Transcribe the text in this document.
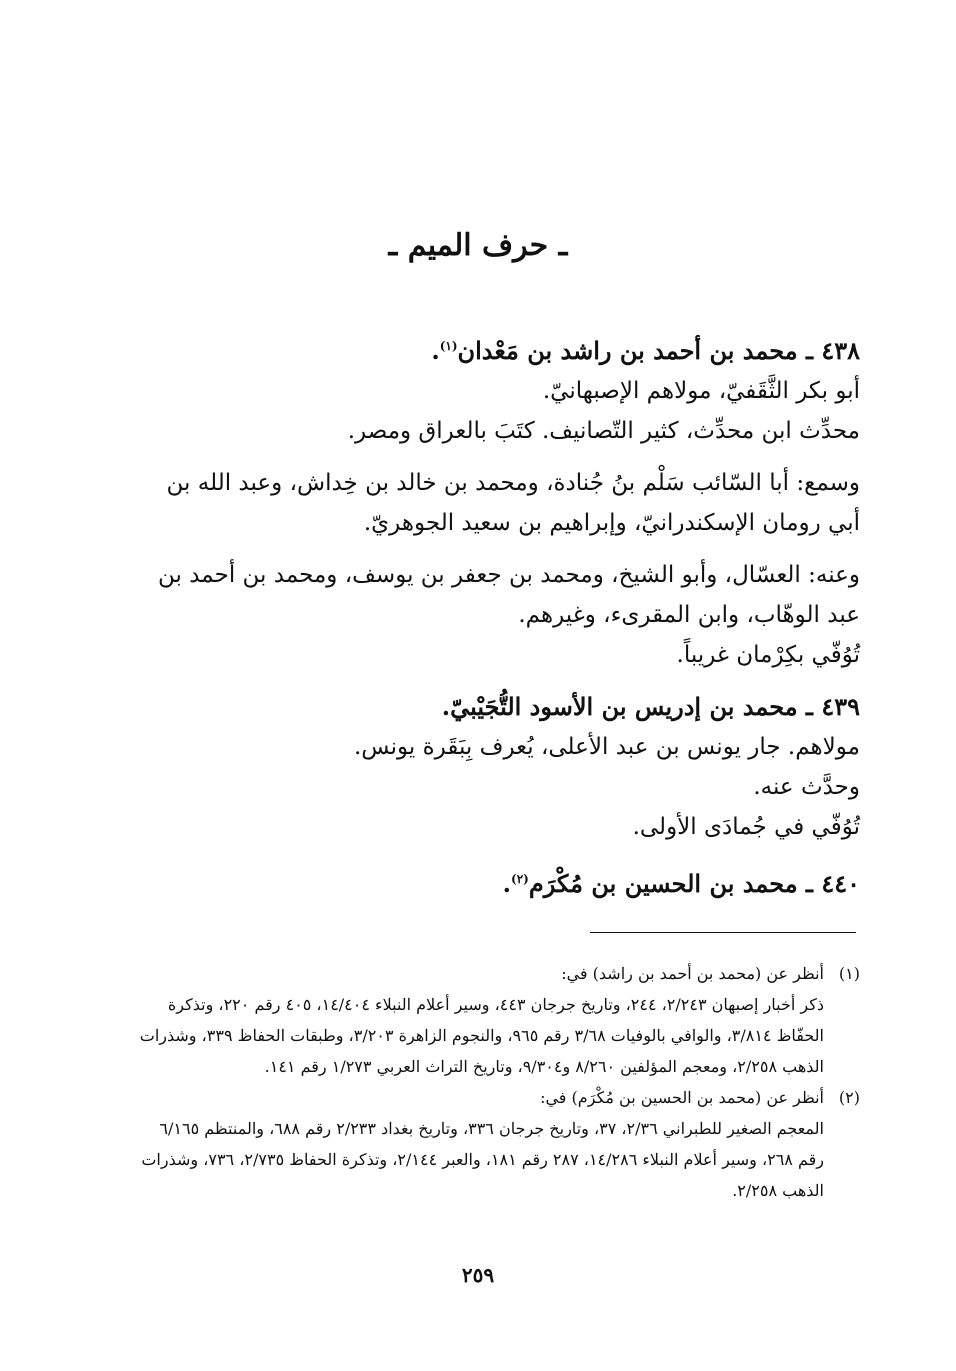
ـ حرف الميم ـ
٤٣٨ ـ محمد بن أحمد بن راشد بن مَعْدان$^{(١)}$.
أبو بكر الثَّقَفيّ، مولاهم الإصبهانيّ.
محدِّث ابن محدِّث، كثير التّصانيف. كتَبَ بالعراق ومصر.
وسمع: أبا السّائب سَلْم بنُ جُنادة، ومحمد بن خالد بن خِداش، وعبد الله بن أبي رومان الإسكندرانيّ، وإبراهيم بن سعيد الجوهريّ.
وعنه: العسّال، وأبو الشيخ، ومحمد بن جعفر بن يوسف، ومحمد بن أحمد بن عبد الوهّاب، وابن المقرىء، وغيرهم.
تُوُفّي بكِرْمان غريباً.
٤٣٩ ـ محمد بن إدريس بن الأسود التُّجَيْبيّ.
مولاهم. جار يونس بن عبد الأعلى، يُعرف بِبَقَرة يونس.
وحدَّث عنه.
تُوُفّي في جُمادَى الأولى.
٤٤٠ ـ محمد بن الحسين بن مُكْرَم$^{(٢)}$.
(١)
أنظر عن (محمد بن أحمد بن راشد) في:
ذكر أخبار إصبهان ٢/٢٤٣، ٢٤٤، وتاريخ جرجان ٤٤٣، وسير أعلام النبلاء ١٤/٤٠٤، ٤٠٥ رقم ٢٢٠، وتذكرة الحفّاظ ٣/٨١٤، والوافي بالوفيات ٣/٦٨ رقم ٩٦٥، والنجوم الزاهرة ٣/٢٠٣، وطبقات الحفاظ ٣٣٩، وشذرات الذهب ٢/٢٥٨، ومعجم المؤلفين ٨/٢٦٠ و٩/٣٠٤، وتاريخ التراث العربي ١/٢٧٣ رقم ١٤١.
(٢)
أنظر عن (محمد بن الحسين بن مُكْرَم) في:
المعجم الصغير للطبراني ٢/٣٦، ٣٧، وتاريخ جرجان ٣٣٦، وتاريخ بغداد ٢/٢٣٣ رقم ٦٨٨، والمنتظم ٦/١٦٥ رقم ٢٦٨، وسير أعلام النبلاء ١٤/٢٨٦، ٢٨٧ رقم ١٨١، والعبر ٢/١٤٤، وتذكرة الحفاظ ٢/٧٣٥، ٧٣٦، وشذرات الذهب ٢/٢٥٨.
٢٥٩
